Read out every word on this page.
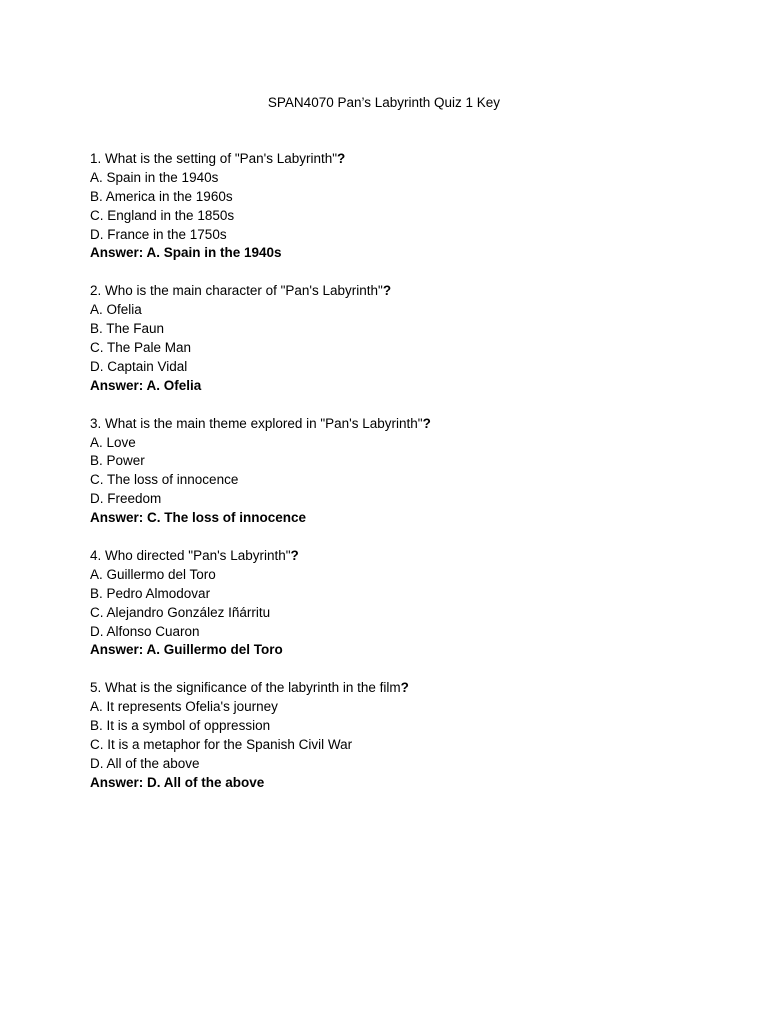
SPAN4070 Pan’s Labyrinth Quiz 1 Key
1. What is the setting of "Pan's Labyrinth"?
A. Spain in the 1940s
B. America in the 1960s
C. England in the 1850s
D. France in the 1750s
Answer: A. Spain in the 1940s
2. Who is the main character of "Pan's Labyrinth"?
A. Ofelia
B. The Faun
C. The Pale Man
D. Captain Vidal
Answer: A. Ofelia
3. What is the main theme explored in "Pan's Labyrinth"?
A. Love
B. Power
C. The loss of innocence
D. Freedom
Answer: C. The loss of innocence
4. Who directed "Pan's Labyrinth"?
A. Guillermo del Toro
B. Pedro Almodovar
C. Alejandro González Iñárritu
D. Alfonso Cuaron
Answer: A. Guillermo del Toro
5. What is the significance of the labyrinth in the film?
A. It represents Ofelia's journey
B. It is a symbol of oppression
C. It is a metaphor for the Spanish Civil War
D. All of the above
Answer: D. All of the above
